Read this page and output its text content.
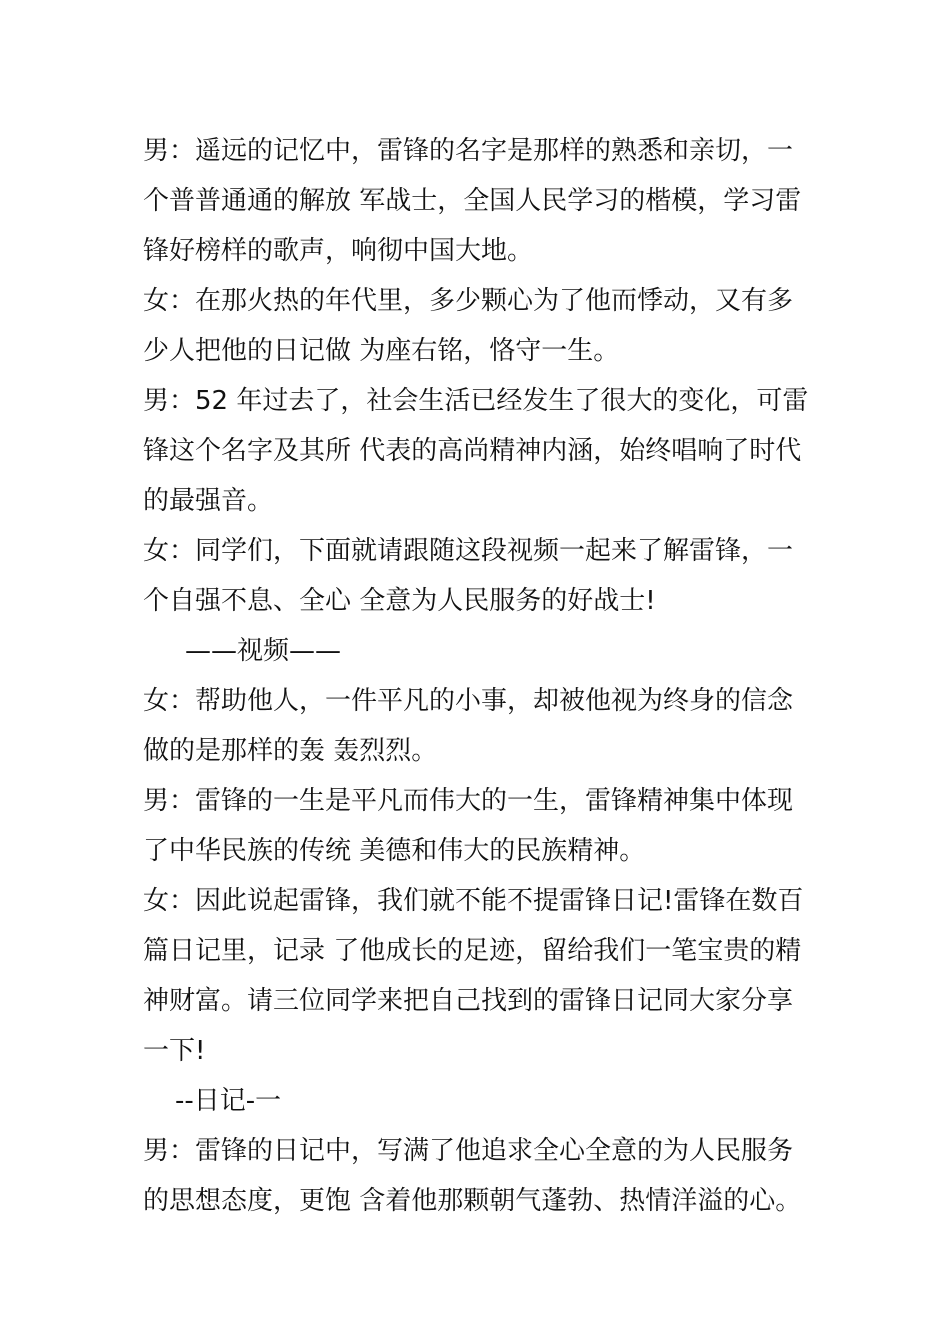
男：遥远的记忆中，雷锋的名字是那样的熟悉和亲切，一
个普普通通的解放 军战士，全国人民学习的楷模，学习雷
锋好榜样的歌声，响彻中国大地。
女：在那火热的年代里，多少颗心为了他而悸动，又有多
少人把他的日记做 为座右铭，恪守一生。
男：52 年过去了，社会生活已经发生了很大的变化，可雷
锋这个名字及其所 代表的高尚精神内涵，始终唱响了时代
的最强音。
女：同学们，下面就请跟随这段视频一起来了解雷锋，一
个自强不息、全心 全意为人民服务的好战士!
——视频——
女：帮助他人，一件平凡的小事，却被他视为终身的信念
做的是那样的轰 轰烈烈。
男：雷锋的一生是平凡而伟大的一生，雷锋精神集中体现
了中华民族的传统 美德和伟大的民族精神。
女：因此说起雷锋，我们就不能不提雷锋日记!雷锋在数百
篇日记里，记录 了他成长的足迹，留给我们一笔宝贵的精
神财富。请三位同学来把自己找到的雷锋日记同大家分享
一下!
--日记-一
男：雷锋的日记中，写满了他追求全心全意的为人民服务
的思想态度，更饱 含着他那颗朝气蓬勃、热情洋溢的心。
